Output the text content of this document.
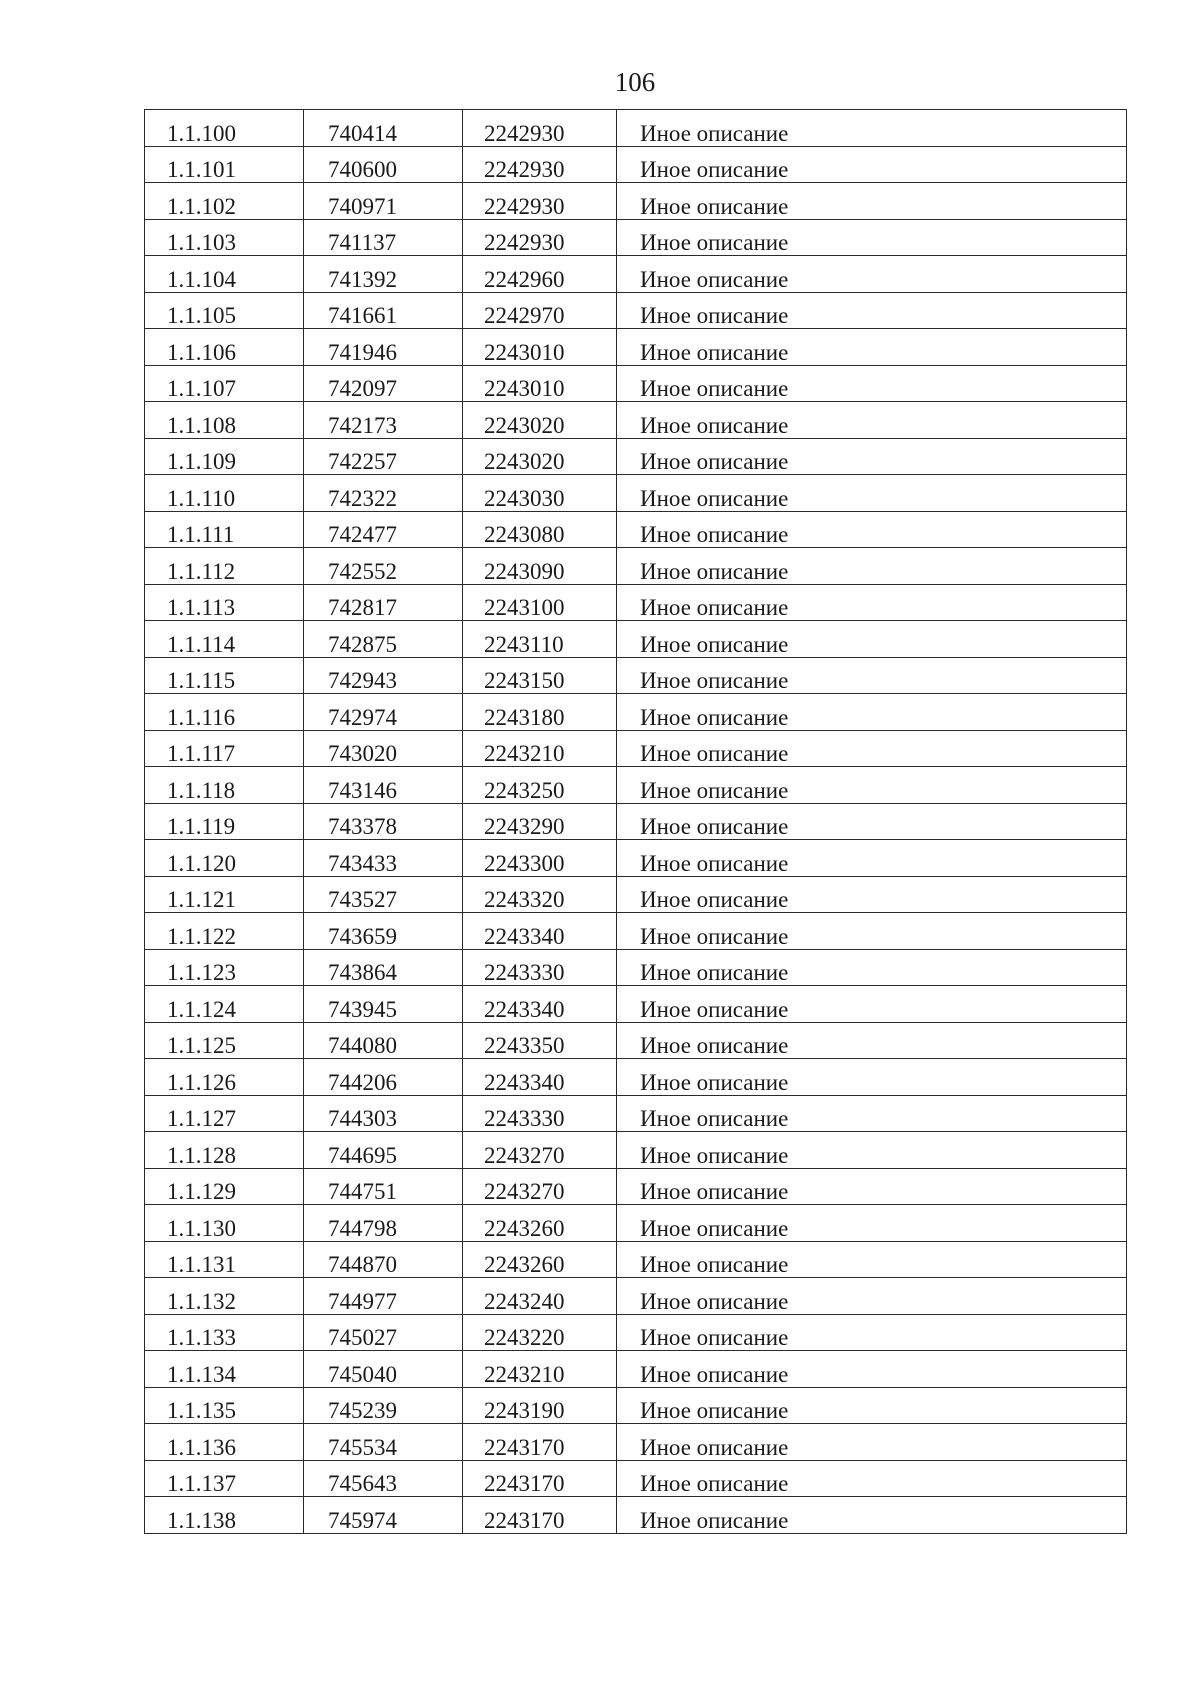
106
1.1.100	740414	2242930	Иное описание
1.1.101	740600	2242930	Иное описание
1.1.102	740971	2242930	Иное описание
1.1.103	741137	2242930	Иное описание
1.1.104	741392	2242960	Иное описание
1.1.105	741661	2242970	Иное описание
1.1.106	741946	2243010	Иное описание
1.1.107	742097	2243010	Иное описание
1.1.108	742173	2243020	Иное описание
1.1.109	742257	2243020	Иное описание
1.1.110	742322	2243030	Иное описание
1.1.111	742477	2243080	Иное описание
1.1.112	742552	2243090	Иное описание
1.1.113	742817	2243100	Иное описание
1.1.114	742875	2243110	Иное описание
1.1.115	742943	2243150	Иное описание
1.1.116	742974	2243180	Иное описание
1.1.117	743020	2243210	Иное описание
1.1.118	743146	2243250	Иное описание
1.1.119	743378	2243290	Иное описание
1.1.120	743433	2243300	Иное описание
1.1.121	743527	2243320	Иное описание
1.1.122	743659	2243340	Иное описание
1.1.123	743864	2243330	Иное описание
1.1.124	743945	2243340	Иное описание
1.1.125	744080	2243350	Иное описание
1.1.126	744206	2243340	Иное описание
1.1.127	744303	2243330	Иное описание
1.1.128	744695	2243270	Иное описание
1.1.129	744751	2243270	Иное описание
1.1.130	744798	2243260	Иное описание
1.1.131	744870	2243260	Иное описание
1.1.132	744977	2243240	Иное описание
1.1.133	745027	2243220	Иное описание
1.1.134	745040	2243210	Иное описание
1.1.135	745239	2243190	Иное описание
1.1.136	745534	2243170	Иное описание
1.1.137	745643	2243170	Иное описание
1.1.138	745974	2243170	Иное описание
